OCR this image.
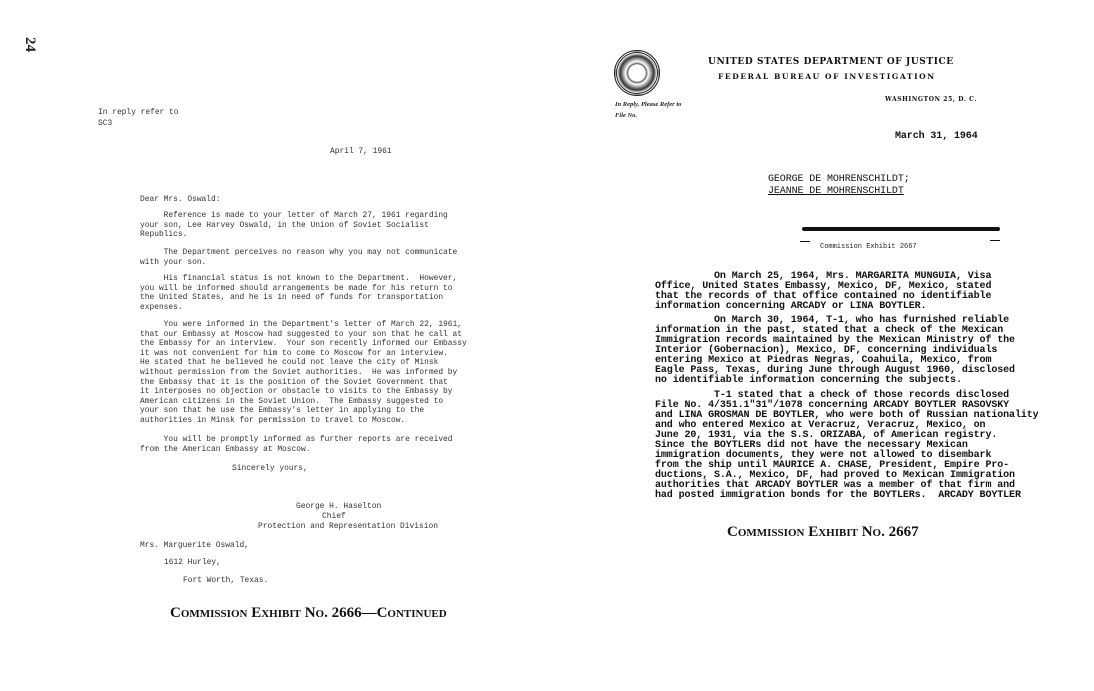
24
In reply refer to
SC3
April 7, 1961
Dear Mrs. Oswald:
Reference is made to your letter of March 27, 1961 regarding
your son, Lee Harvey Oswald, in the Union of Soviet Socialist
Republics.
The Department perceives no reason why you may not communicate
with your son.
His financial status is not known to the Department.  However,
you will be informed should arrangements be made for his return to
the United States, and he is in need of funds for transportation
expenses.
You were informed in the Department's letter of March 22, 1961,
that our Embassy at Moscow had suggested to your son that he call at
the Embassy for an interview.  Your son recently informed our Embassy
it was not convenient for him to come to Moscow for an interview.
He stated that he believed he could not leave the city of Minsk
without permission from the Soviet authorities.  He was informed by
the Embassy that it is the position of the Soviet Government that
it interposes no objection or obstacle to visits to the Embassy by
American citizens in the Soviet Union.  The Embassy suggested to
your son that he use the Embassy's letter in applying to the
authorities in Minsk for permission to travel to Moscow.
You will be promptly informed as further reports are received
from the American Embassy at Moscow.
Sincerely yours,
George H. Haselton
Chief
Protection and Representation Division
Mrs. Marguerite Oswald,
1612 Hurley,
Fort Worth, Texas.
Commission Exhibit No. 2666—Continued
UNITED STATES DEPARTMENT OF JUSTICE
FEDERAL BUREAU OF INVESTIGATION
In Reply, Please Refer to
File No.
WASHINGTON 25, D. C.
March 31, 1964
GEORGE DE MOHRENSCHILDT;
JEANNE DE MOHRENSCHILDT
Commission Exhibit 2667
On March 25, 1964, Mrs. MARGARITA MUNGUIA, Visa
Office, United States Embassy, Mexico, DF, Mexico, stated
that the records of that office contained no identifiable
information concerning ARCADY or LINA BOYTLER.
On March 30, 1964, T-1, who has furnished reliable
information in the past, stated that a check of the Mexican
Immigration records maintained by the Mexican Ministry of the
Interior (Gobernacion), Mexico, DF, concerning individuals
entering Mexico at Piedras Negras, Coahuila, Mexico, from
Eagle Pass, Texas, during June through August 1960, disclosed
no identifiable information concerning the subjects.
T-1 stated that a check of those records disclosed
File No. 4/351.1"31"/1078 concerning ARCADY BOYTLER RASOVSKY
and LINA GROSMAN DE BOYTLER, who were both of Russian nationality
and who entered Mexico at Veracruz, Veracruz, Mexico, on
June 20, 1931, via the S.S. ORIZABA, of American registry.
Since the BOYTLERs did not have the necessary Mexican
immigration documents, they were not allowed to disembark
from the ship until MAURICE A. CHASE, President, Empire Pro-
ductions, S.A., Mexico, DF, had proved to Mexican Immigration
authorities that ARCADY BOYTLER was a member of that firm and
had posted immigration bonds for the BOYTLERs.  ARCADY BOYTLER
Commission Exhibit No. 2667
